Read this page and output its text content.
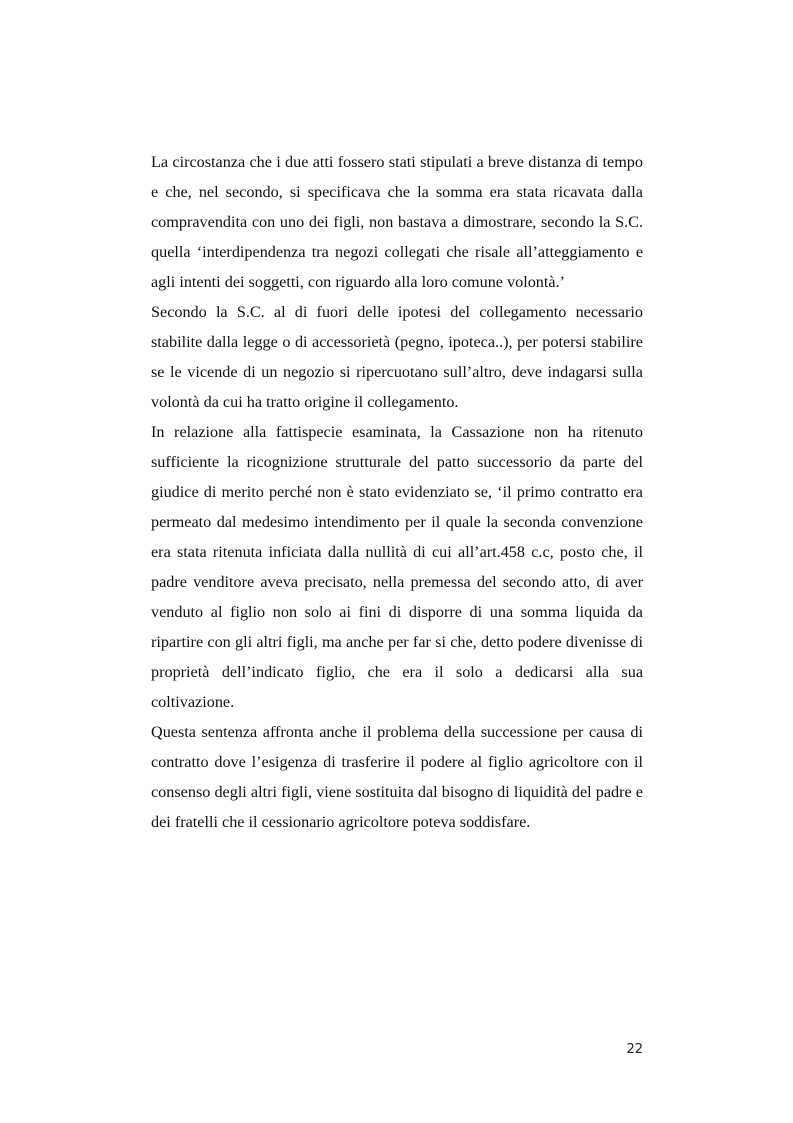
La circostanza che i due atti fossero stati stipulati a breve distanza di tempo e che, nel secondo, si specificava che la somma era stata ricavata dalla compravendita con uno dei figli, non bastava a dimostrare, secondo la S.C. quella ‘interdipendenza tra negozi collegati che risale all’atteggiamento e agli intenti dei soggetti, con riguardo alla loro comune volontà.’

Secondo la S.C. al di fuori delle ipotesi del collegamento necessario stabilite dalla legge o di accessorietà (pegno, ipoteca..), per potersi stabilire se le vicende di un negozio si ripercuotano sull’altro, deve indagarsi sulla volontà da cui ha tratto origine il collegamento.

In relazione alla fattispecie esaminata, la Cassazione non ha ritenuto sufficiente la ricognizione strutturale del patto successorio da parte del giudice di merito perché non è stato evidenziato se, ‘il primo contratto era permeato dal medesimo intendimento per il quale la seconda convenzione era stata ritenuta inficiata dalla nullità di cui all’art.458 c.c, posto che, il padre venditore aveva precisato, nella premessa del secondo atto, di aver venduto al figlio non solo ai fini di disporre di una somma liquida da ripartire con gli altri figli, ma anche per far si che, detto podere divenisse di proprietà dell’indicato figlio, che era il solo a dedicarsi alla sua coltivazione.

Questa sentenza affronta anche il problema della successione per causa di contratto dove l’esigenza di trasferire il podere al figlio agricoltore con il consenso degli altri figli, viene sostituita dal bisogno di liquidità del padre e dei fratelli che il cessionario agricoltore poteva soddisfare.

22
